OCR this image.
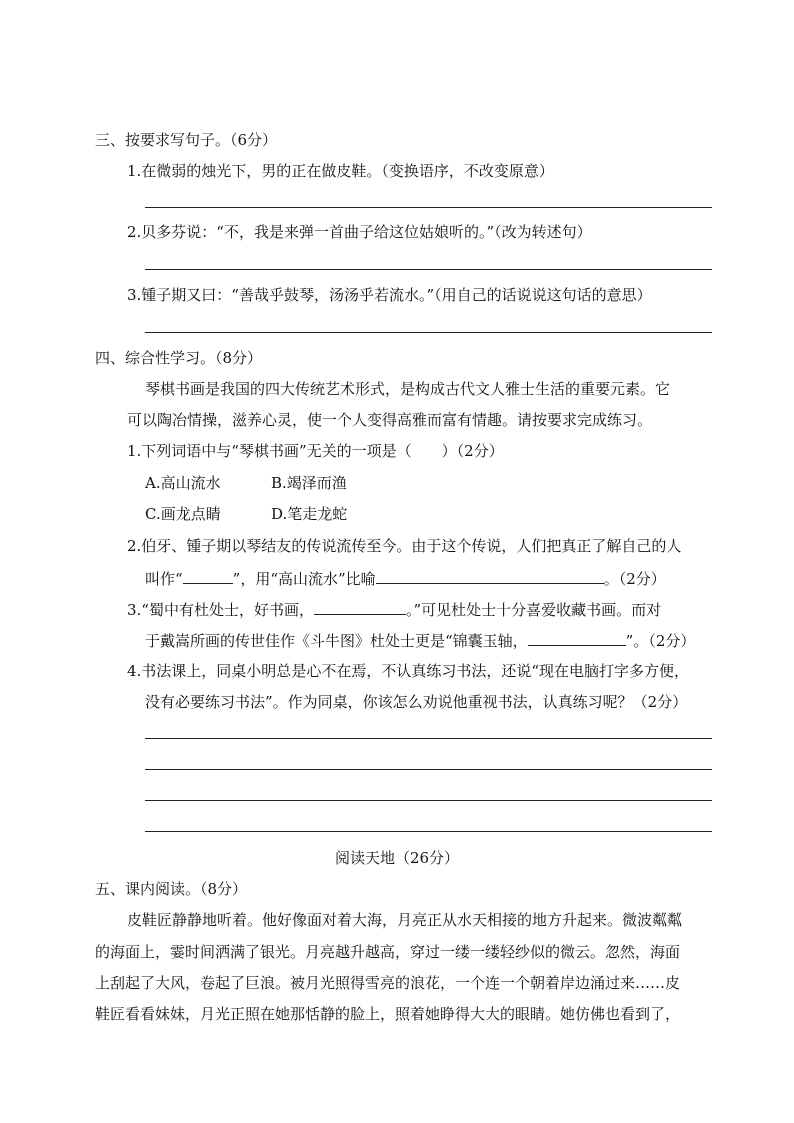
三、按要求写句子。（6分）
1.在微弱的烛光下，男的正在做皮鞋。（变换语序，不改变原意）
2.贝多芬说：“不，我是来弹一首曲子给这位姑娘听的。”（改为转述句）
3.锺子期又曰：“善哉乎鼓琴，汤汤乎若流水。”（用自己的话说说这句话的意思）
四、综合性学习。（8分）
琴棋书画是我国的四大传统艺术形式，是构成古代文人雅士生活的重要元素。它
可以陶冶情操，滋养心灵，使一个人变得高雅而富有情趣。请按要求完成练习。
1.下列词语中与“琴棋书画”无关的一项是（　　）（2分）
A.高山流水	B.竭泽而渔
C.画龙点睛	D.笔走龙蛇
2.伯牙、锺子期以琴结友的传说流传至今。由于这个传说，人们把真正了解自己的人
叫作“	”，用“高山流水”比喻	。（2分）
3.“蜀中有杜处士，好书画，	。”可见杜处士十分喜爱收藏书画。而对
于戴嵩所画的传世佳作《斗牛图》杜处士更是“锦囊玉轴，	”。（2分）
4.书法课上，同桌小明总是心不在焉，不认真练习书法，还说“现在电脑打字多方便，
没有必要练习书法”。作为同桌，你该怎么劝说他重视书法，认真练习呢？（2分）
阅读天地（26分）
五、课内阅读。（8分）
皮鞋匠静静地听着。他好像面对着大海，月亮正从水天相接的地方升起来。微波粼粼
的海面上，霎时间洒满了银光。月亮越升越高，穿过一缕一缕轻纱似的微云。忽然，海面
上刮起了大风，卷起了巨浪。被月光照得雪亮的浪花，一个连一个朝着岸边涌过来……皮
鞋匠看看妹妹，月光正照在她那恬静的脸上，照着她睁得大大的眼睛。她仿佛也看到了，
